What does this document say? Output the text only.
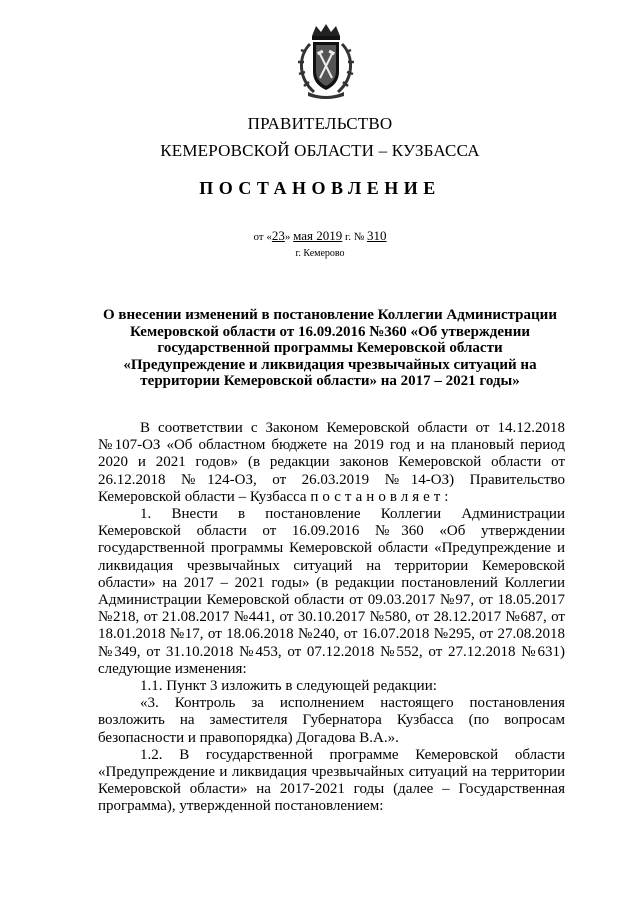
ПРАВИТЕЛЬСТВО
КЕМЕРОВСКОЙ ОБЛАСТИ – КУЗБАССА
ПОСТАНОВЛЕНИЕ
от «23» мая 2019 г. № 310
г. Кемерово
О внесении изменений в постановление Коллегии Администрации Кемеровской области от 16.09.2016 №360 «Об утверждении государственной программы Кемеровской области «Предупреждение и ликвидация чрезвычайных ситуаций на территории Кемеровской области» на 2017 – 2021 годы»

В соответствии с Законом Кемеровской области от 14.12.2018 №107-ОЗ «Об областном бюджете на 2019 год и на плановый период 2020 и 2021 годов» (в редакции законов Кемеровской области от 26.12.2018 №124-ОЗ, от 26.03.2019 №14-ОЗ) Правительство Кемеровской области – Кузбасса постановляет:

1. Внести в постановление Коллегии Администрации Кемеровской области от 16.09.2016 №360 «Об утверждении государственной программы Кемеровской области «Предупреждение и ликвидация чрезвычайных ситуаций на территории Кемеровской области» на 2017 – 2021 годы» (в редакции постановлений Коллегии Администрации Кемеровской области от 09.03.2017 №97, от 18.05.2017 №218, от 21.08.2017 №441, от 30.10.2017 №580, от 28.12.2017 №687, от 18.01.2018 №17, от 18.06.2018 №240, от 16.07.2018 №295, от 27.08.2018 №349, от 31.10.2018 №453, от 07.12.2018 №552, от 27.12.2018 №631) следующие изменения:

1.1. Пункт 3 изложить в следующей редакции:

«3. Контроль за исполнением настоящего постановления возложить на заместителя Губернатора Кузбасса (по вопросам безопасности и правопорядка) Догадова В.А.».

1.2. В государственной программе Кемеровской области «Предупреждение и ликвидация чрезвычайных ситуаций на территории Кемеровской области» на 2017-2021 годы (далее – Государственная программа), утвержденной постановлением:
